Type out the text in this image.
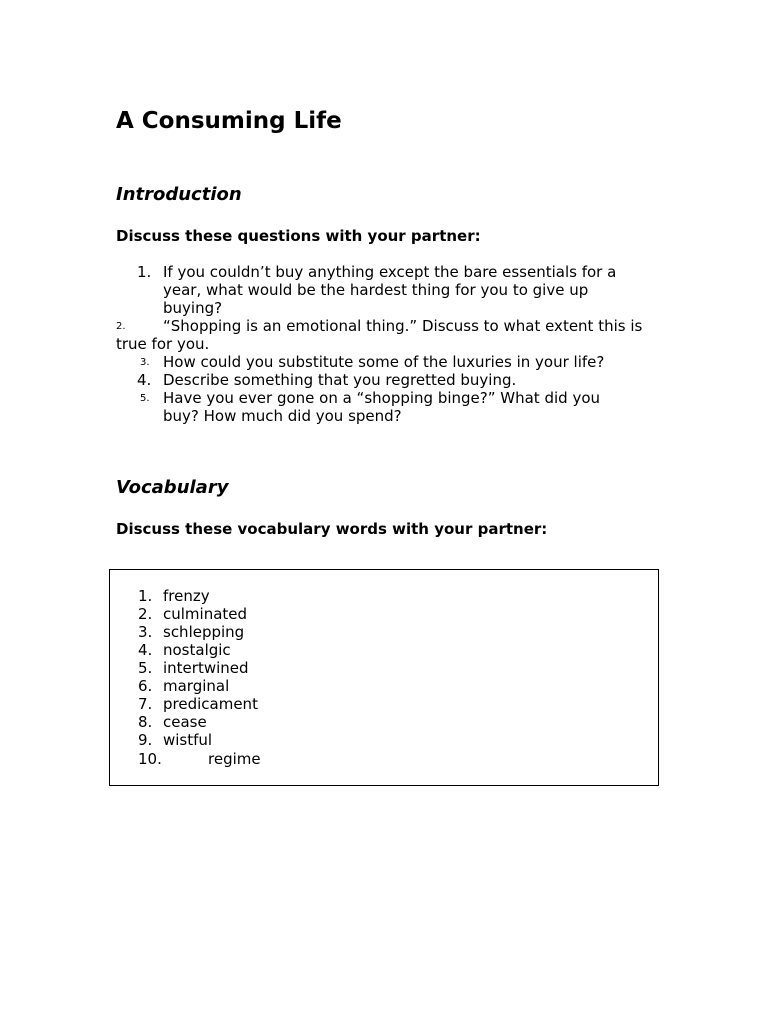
A Consuming Life
Introduction

Discuss these questions with your partner:

1. If you couldn’t buy anything except the bare essentials for a year, what would be the hardest thing for you to give up buying?
2.	“Shopping is an emotional thing.” Discuss to what extent this is true for you.
3. How could you substitute some of the luxuries in your life?
4. Describe something that you regretted buying.
5. Have you ever gone on a “shopping binge?” What did you buy? How much did you spend?
Vocabulary

Discuss these vocabulary words with your partner:

1. frenzy
2. culminated
3. schlepping
4. nostalgic
5. intertwined
6. marginal
7. predicament
8. cease
9. wistful
10.	regime
